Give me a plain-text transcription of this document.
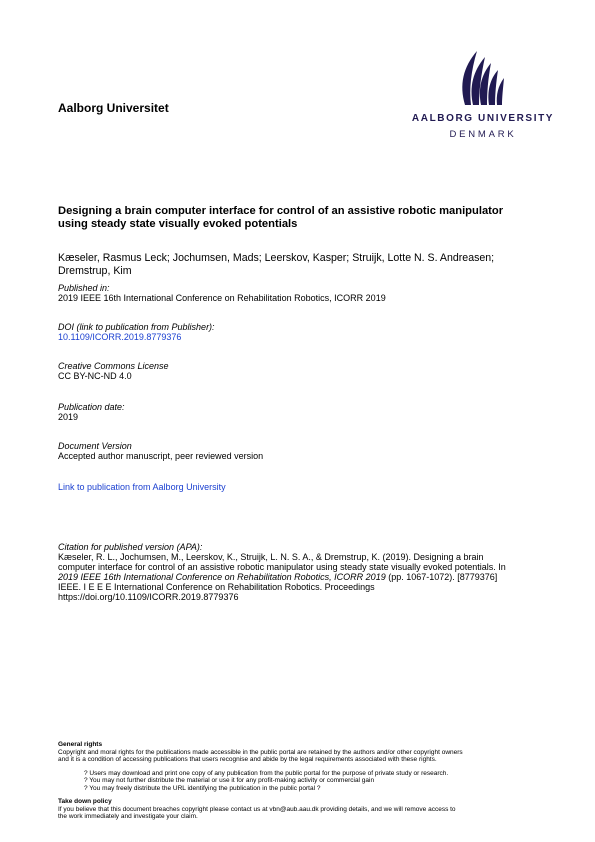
Aalborg Universitet
AALBORG UNIVERSITY
DENMARK
Designing a brain computer interface for control of an assistive robotic manipulator
using steady state visually evoked potentials
Kæseler, Rasmus Leck; Jochumsen, Mads; Leerskov, Kasper; Struijk, Lotte N. S. Andreasen;
Dremstrup, Kim
Published in:
2019 IEEE 16th International Conference on Rehabilitation Robotics, ICORR 2019
DOI (link to publication from Publisher):
10.1109/ICORR.2019.8779376
Creative Commons License
CC BY-NC-ND 4.0
Publication date:
2019
Document Version
Accepted author manuscript, peer reviewed version
Link to publication from Aalborg University
Citation for published version (APA):
Kæseler, R. L., Jochumsen, M., Leerskov, K., Struijk, L. N. S. A., & Dremstrup, K. (2019). Designing a brain
computer interface for control of an assistive robotic manipulator using steady state visually evoked potentials. In
2019 IEEE 16th International Conference on Rehabilitation Robotics, ICORR 2019 (pp. 1067-1072). [8779376]
IEEE. I E E E International Conference on Rehabilitation Robotics. Proceedings
https://doi.org/10.1109/ICORR.2019.8779376
General rights
Copyright and moral rights for the publications made accessible in the public portal are retained by the authors and/or other copyright owners
and it is a condition of accessing publications that users recognise and abide by the legal requirements associated with these rights.
? Users may download and print one copy of any publication from the public portal for the purpose of private study or research.
? You may not further distribute the material or use it for any profit-making activity or commercial gain
? You may freely distribute the URL identifying the publication in the public portal ?
Take down policy
If you believe that this document breaches copyright please contact us at vbn@aub.aau.dk providing details, and we will remove access to
the work immediately and investigate your claim.
